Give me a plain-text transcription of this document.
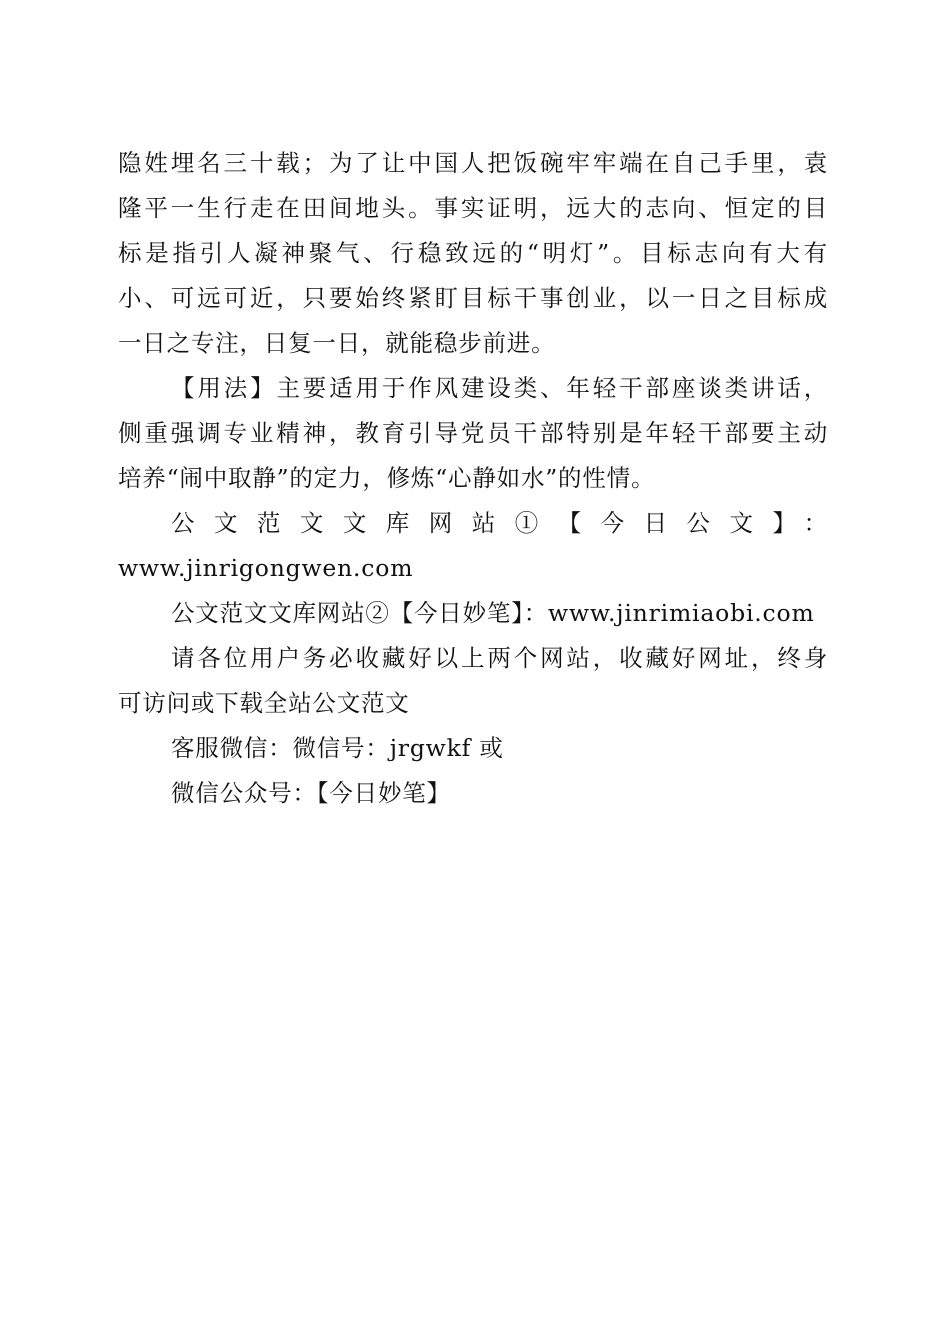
隐姓埋名三十载；为了让中国人把饭碗牢牢端在自己手里，袁
隆平一生行走在田间地头。事实证明，远大的志向、恒定的目
标是指引人凝神聚气、行稳致远的“明灯”。目标志向有大有
小、可远可近，只要始终紧盯目标干事创业，以一日之目标成
一日之专注，日复一日，就能稳步前进。
【用法】主要适用于作风建设类、年轻干部座谈类讲话，
侧重强调专业精神，教育引导党员干部特别是年轻干部要主动
培养“闹中取静”的定力，修炼“心静如水”的性情。
公文范文文库网站①【今日公文】：
www.jinrigongwen.com
公文范文文库网站②【今日妙笔】：www.jinrimiaobi.com
请各位用户务必收藏好以上两个网站，收藏好网址，终身
可访问或下载全站公文范文
客服微信：微信号：jrgwkf 或
微信公众号：【今日妙笔】
